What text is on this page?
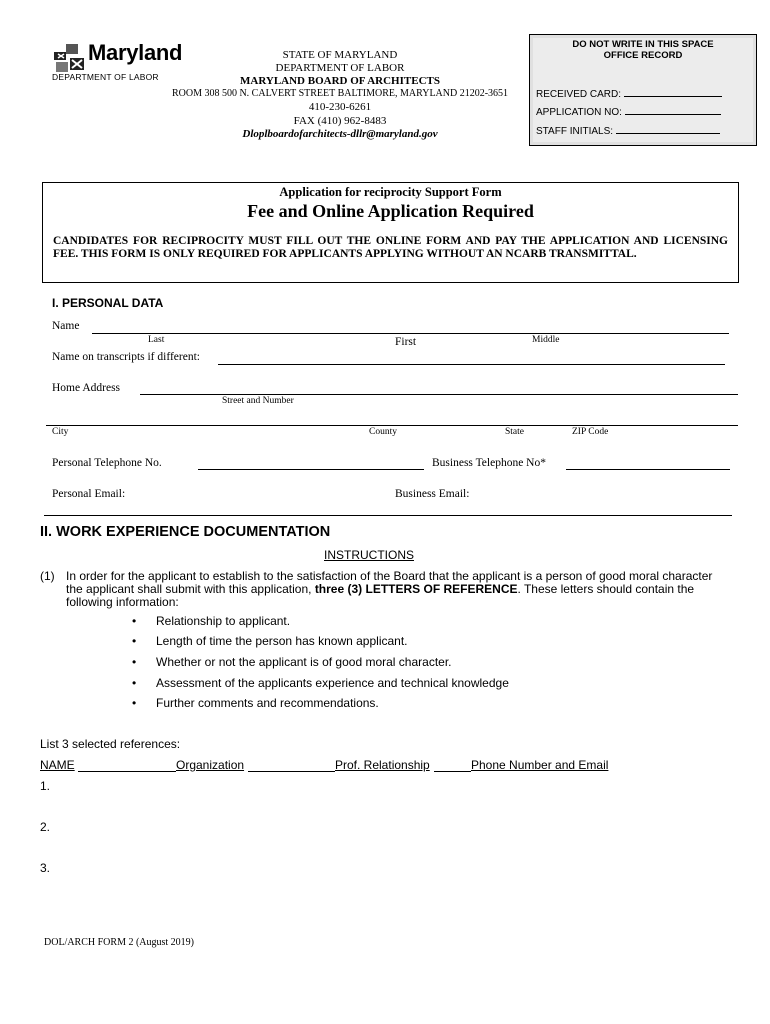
Maryland
DEPARTMENT OF LABOR
STATE OF MARYLAND
DEPARTMENT OF LABOR
MARYLAND BOARD OF ARCHITECTS
ROOM 308 500 N. CALVERT STREET BALTIMORE, MARYLAND 21202-3651
410-230-6261
FAX (410) 962-8483
Dloplboardofarchitects-dllr@maryland.gov
DO NOT WRITE IN THIS SPACE
OFFICE RECORD
RECEIVED CARD:
APPLICATION NO:
STAFF INITIALS:
Application for reciprocity Support Form
Fee and Online Application Required
CANDIDATES FOR RECIPROCITY MUST FILL OUT THE ONLINE FORM AND PAY THE APPLICATION AND LICENSING FEE. THIS FORM IS ONLY REQUIRED FOR APPLICANTS APPLYING WITHOUT AN NCARB TRANSMITTAL.
I. PERSONAL DATA
Name
Last	First	Middle
Name on transcripts if different:
Home Address
Street and Number
City	County	State	ZIP Code
Personal Telephone No.	Business Telephone No*
Personal Email:	Business Email:
II. WORK EXPERIENCE DOCUMENTATION
INSTRUCTIONS
(1) In order for the applicant to establish to the satisfaction of the Board that the applicant is a person of good moral character the applicant shall submit with this application, three (3) LETTERS OF REFERENCE. These letters should contain the following information:
• Relationship to applicant.
• Length of time the person has known applicant.
• Whether or not the applicant is of good moral character.
• Assessment of the applicants experience and technical knowledge
• Further comments and recommendations.
List 3 selected references:
NAME	Organization	Prof. Relationship	Phone Number and Email
1.
2.
3.
DOL/ARCH FORM 2 (August 2019)
